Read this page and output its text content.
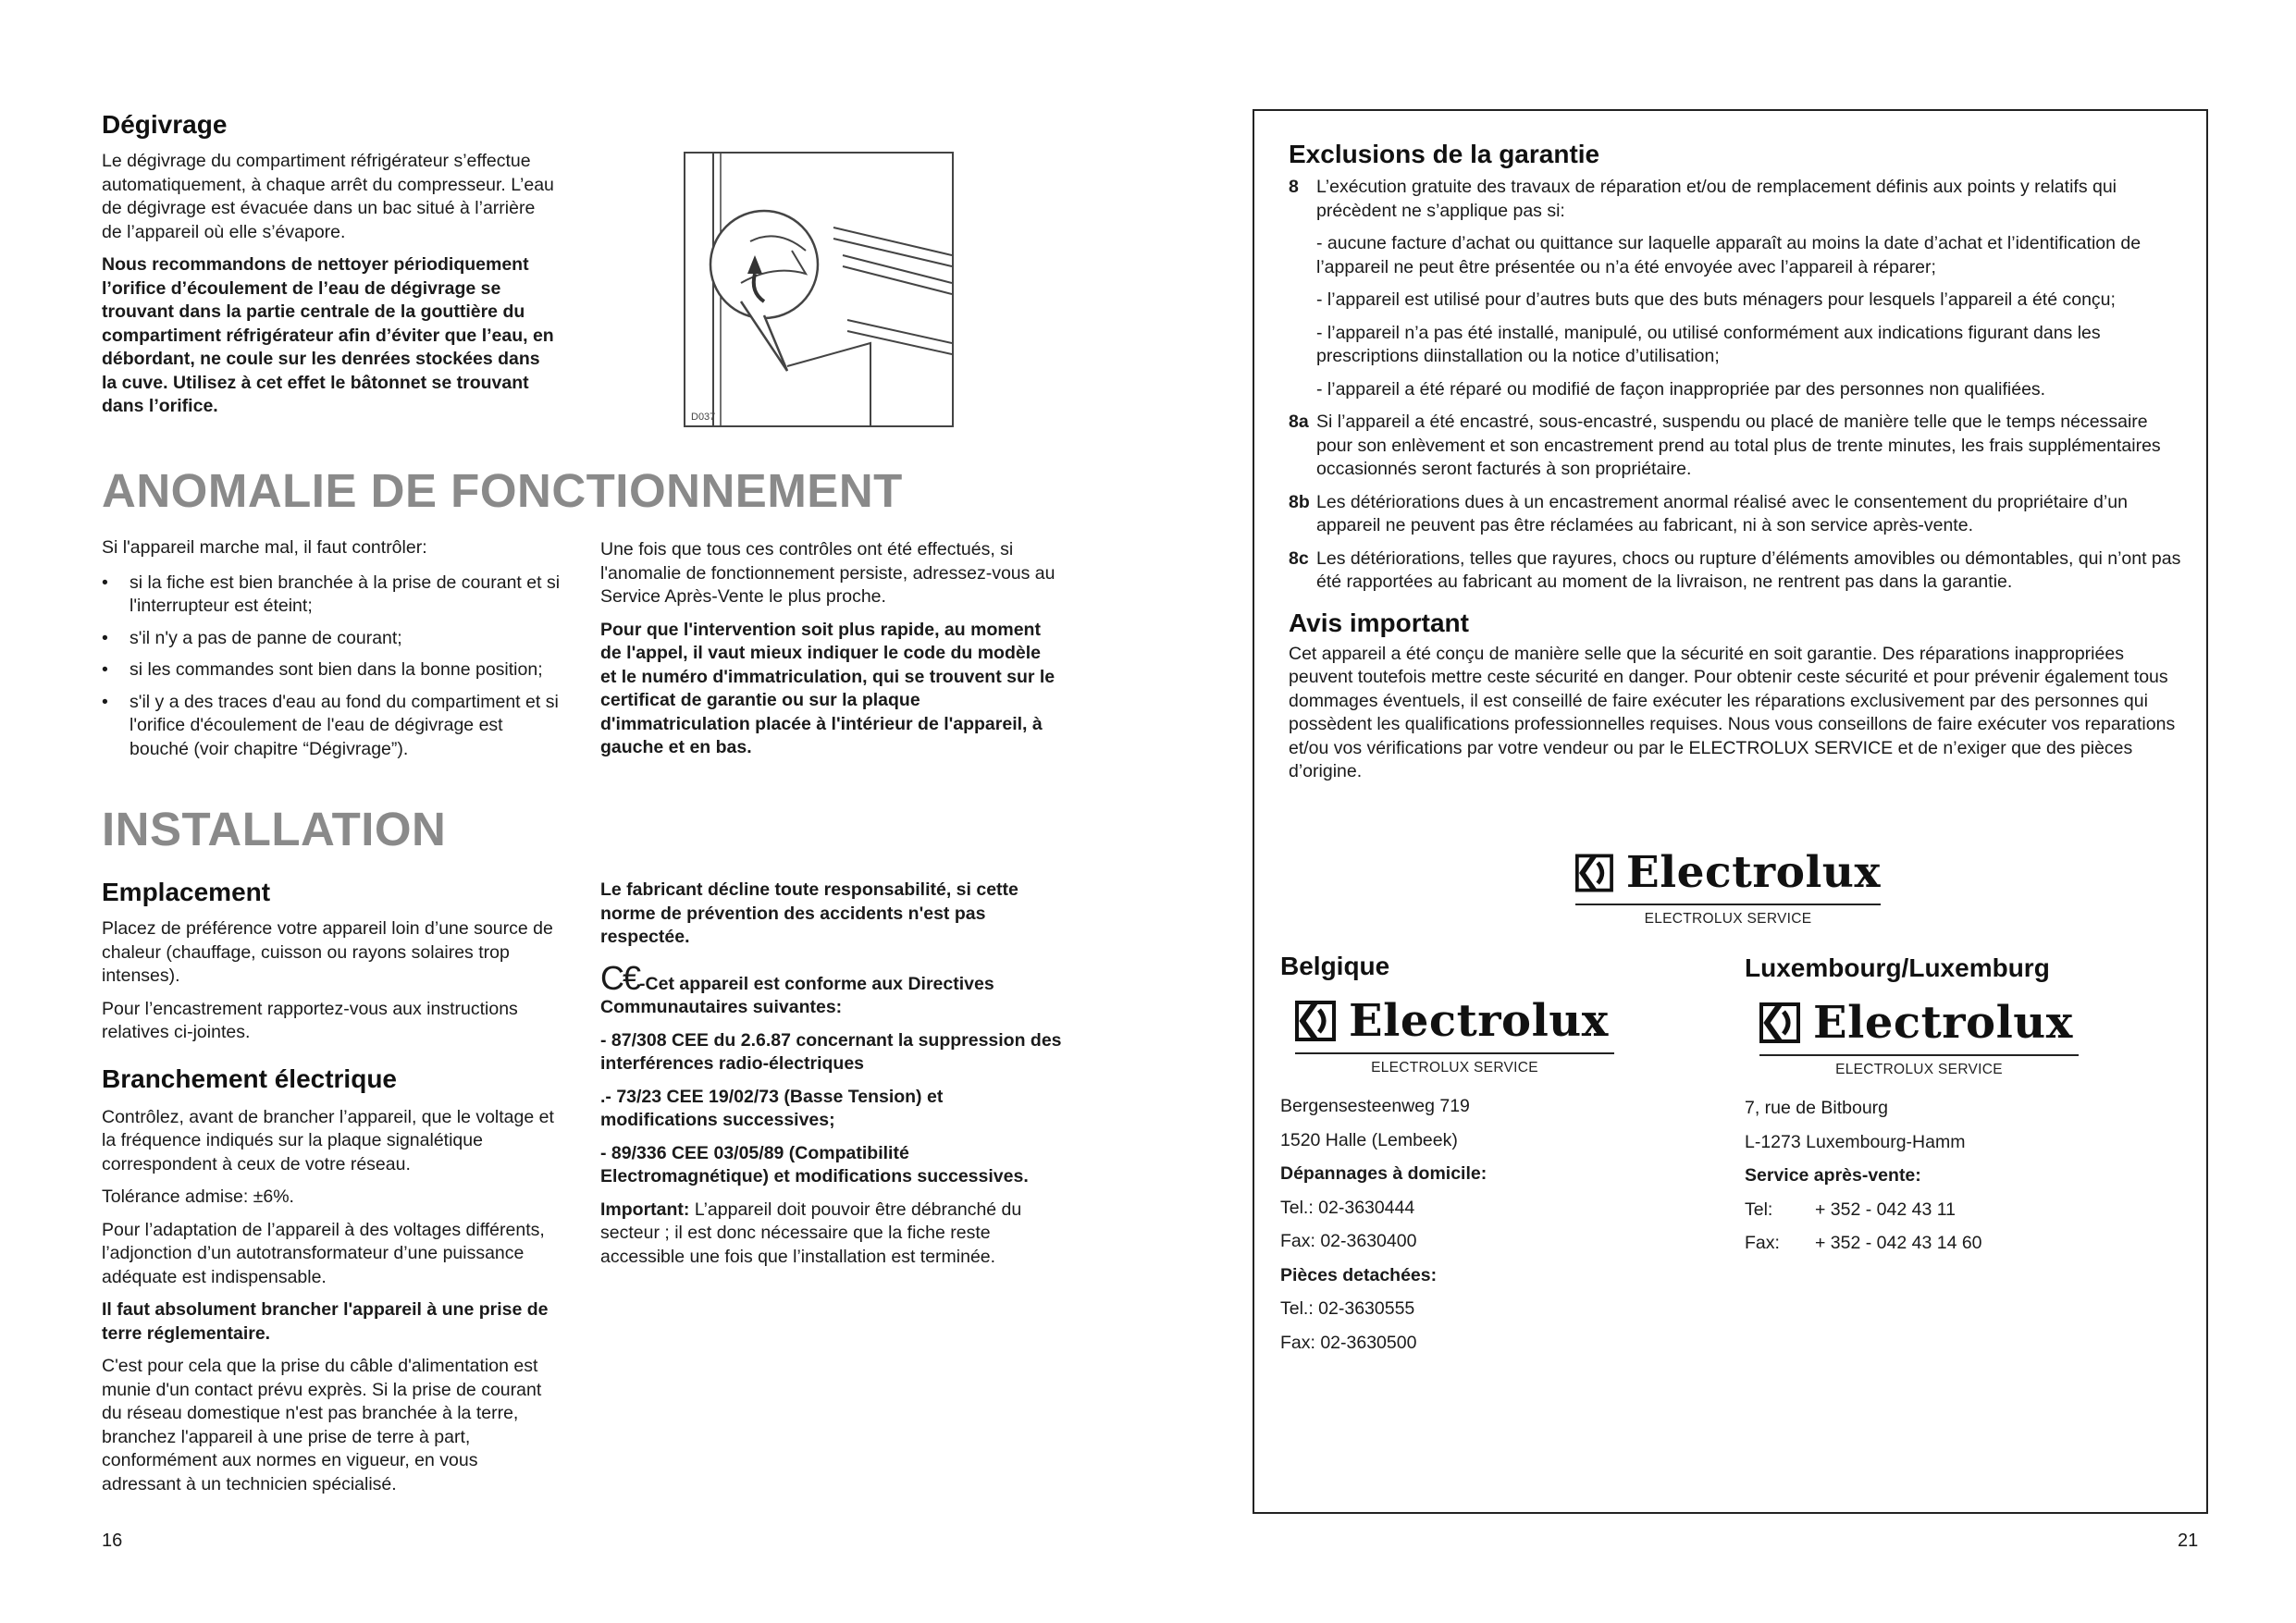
Dégivrage

Le dégivrage du compartiment réfrigérateur s’effectue automatiquement, à chaque arrêt du compresseur. L’eau de dégivrage est évacuée dans un bac situé à l’arrière de l’appareil où elle s’évapore.

Nous recommandons de nettoyer périodiquement l’orifice d’écoulement de l’eau de dégivrage se trouvant dans la partie centrale de la gouttière du compartiment réfrigérateur afin d’éviter que l’eau, en débordant, ne coule sur les denrées stockées dans la cuve. Utilisez à cet effet le bâtonnet se trouvant dans l’orifice.

D037
ANOMALIE DE FONCTIONNEMENT

Si l'appareil marche mal, il faut contrôler:

• si la fiche est bien branchée à la prise de courant et si l'interrupteur est éteint;
• s'il n'y a pas de panne de courant;
• si les commandes sont bien dans la bonne position;
• s'il y a des traces d'eau au fond du compartiment et si l'orifice d'écoulement de l'eau de dégivrage est bouché (voir chapitre “Dégivrage”).

Une fois que tous ces contrôles ont été effectués, si l'anomalie de fonctionnement persiste, adressez-vous au Service Après-Vente le plus proche.

Pour que l'intervention soit plus rapide, au moment de l'appel, il vaut mieux indiquer le code du modèle et le numéro d'immatriculation, qui se trouvent sur le certificat de garantie ou sur la plaque d'immatriculation placée à l'intérieur de l'appareil, à gauche et en bas.

INSTALLATION
Emplacement

Placez de préférence votre appareil loin d’une source de chaleur (chauffage, cuisson ou rayons solaires trop intenses).

Pour l’encastrement rapportez-vous aux instructions relatives ci-jointes.

Branchement électrique

Contrôlez, avant de brancher l’appareil, que le voltage et la fréquence indiqués sur la plaque signalétique correspondent à ceux de votre réseau.

Tolérance admise: ±6%.

Pour l’adaptation de l’appareil à des voltages différents, l’adjonction d’un autotransformateur d’une puissance adéquate est indispensable.

Il faut absolument brancher l'appareil à une prise de terre réglementaire.

C'est pour cela que la prise du câble d'alimentation est munie d'un contact prévu exprès. Si la prise de courant du réseau domestique n'est pas branchée à la terre, branchez l'appareil à une prise de terre à part, conformément aux normes en vigueur, en vous adressant à un technicien spécialisé.

Le fabricant décline toute responsabilité, si cette norme de prévention des accidents n'est pas respectée.

C€-Cet appareil est conforme aux Directives Communautaires suivantes:

- 87/308 CEE du 2.6.87 concernant la suppression des interférences radio-électriques

.- 73/23 CEE 19/02/73 (Basse Tension) et modifications successives;

- 89/336 CEE 03/05/89 (Compatibilité Electromagnétique) et modifications successives.

Important: L’appareil doit pouvoir être débranché du secteur ; il est donc nécessaire que la fiche reste accessible une fois que l’installation est terminée.

16
Exclusions de la garantie
8 L’exécution gratuite des travaux de réparation et/ou de remplacement définis aux points y relatifs qui précèdent ne s’applique pas si:

- aucune facture d’achat ou quittance sur laquelle apparaît au moins la date d’achat et l’identification de l’appareil ne peut être présentée ou n’a été envoyée avec l’appareil à réparer;

- l’appareil est utilisé pour d’autres buts que des buts ménagers pour lesquels l’appareil a été conçu;

- l’appareil n’a pas été installé, manipulé, ou utilisé conformément aux indications figurant dans les prescriptions diinstallation ou la notice d’utilisation;

- l’appareil a été réparé ou modifié de façon inappropriée par des personnes non qualifiées.

8a Si l’appareil a été encastré, sous-encastré, suspendu ou placé de manière telle que le temps nécessaire pour son enlèvement et son encastrement prend au total plus de trente minutes, les frais supplémentaires occasionnés seront facturés à son propriétaire.
8b Les détériorations dues à un encastrement anormal réalisé avec le consentement du propriétaire d’un appareil ne peuvent pas être réclamées au fabricant, ni à son service après-vente.
8c Les détériorations, telles que rayures, chocs ou rupture d’éléments amovibles ou démontables, qui n’ont pas été rapportées au fabricant au moment de la livraison, ne rentrent pas dans la garantie.
Avis important

Cet appareil a été conçu de manière selle que la sécurité en soit garantie. Des réparations inappropriées peuvent toutefois mettre ceste sécurité en danger. Pour obtenir ceste sécurité et pour prévenir également tous dommages éventuels, il est conseillé de faire exécuter les réparations exclusivement par des personnes qui possèdent les qualifications professionnelles requises. Nous vous conseillons de faire exécuter vos reparations et/ou vos vérifications par votre vendeur ou par le ELECTROLUX SERVICE et de n’exiger que des pièces d’origine.

Electrolux
ELECTROLUX SERVICE
Belgique
Electrolux
ELECTROLUX SERVICE

Bergensesteenweg 719

1520 Halle (Lembeek)

Dépannages à domicile:

Tel.: 02-3630444

Fax: 02-3630400

Pièces detachées:

Tel.: 02-3630555

Fax: 02-3630500

Luxembourg/Luxemburg
Electrolux
ELECTROLUX SERVICE

7, rue de Bitbourg

L-1273 Luxembourg-Hamm

Service après-vente:

Tel:	+ 352 - 042 43 11
Fax:	+ 352 - 042 43 14 60
21
